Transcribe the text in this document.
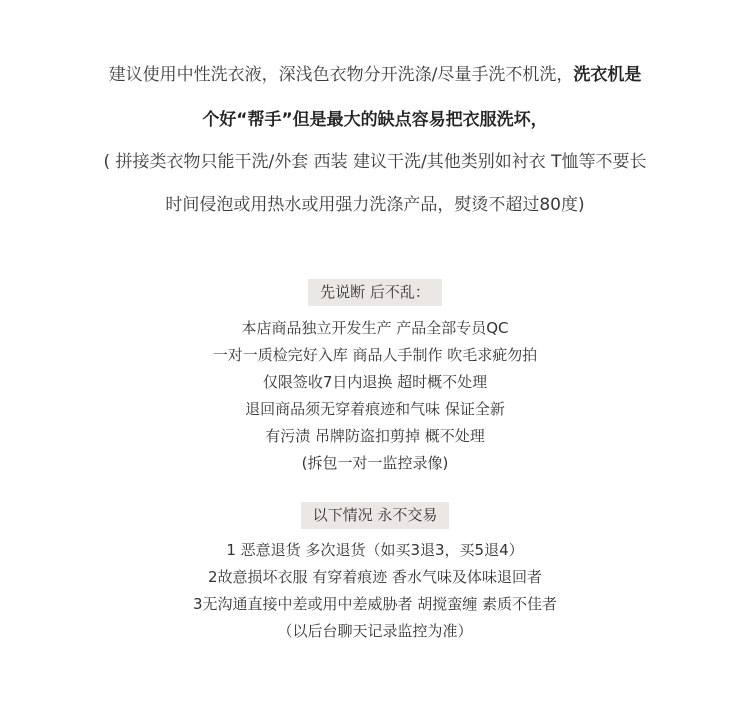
建议使用中性洗衣液，深浅色衣物分开洗涤/尽量手洗不机洗，洗衣机是
个好“帮手”但是最大的缺点容易把衣服洗坏，
( 拼接类衣物只能干洗/外套 西装 建议干洗/其他类别如衬衣 T恤等不要长
时间侵泡或用热水或用强力洗涤产品，熨烫不超过80度)
先说断 后不乱：
本店商品独立开发生产 产品全部专员QC
一对一质检完好入库 商品人手制作 吹毛求疵勿拍
仅限签收7日内退换 超时概不处理
退回商品须无穿着痕迹和气味 保证全新
有污渍 吊牌防盗扣剪掉 概不处理
(拆包一对一监控录像)
以下情况 永不交易
1 恶意退货 多次退货（如买3退3，买5退4）
2故意损坏衣服 有穿着痕迹 香水气味及体味退回者
3无沟通直接中差或用中差威胁者 胡搅蛮缠 素质不佳者
（以后台聊天记录监控为准）
